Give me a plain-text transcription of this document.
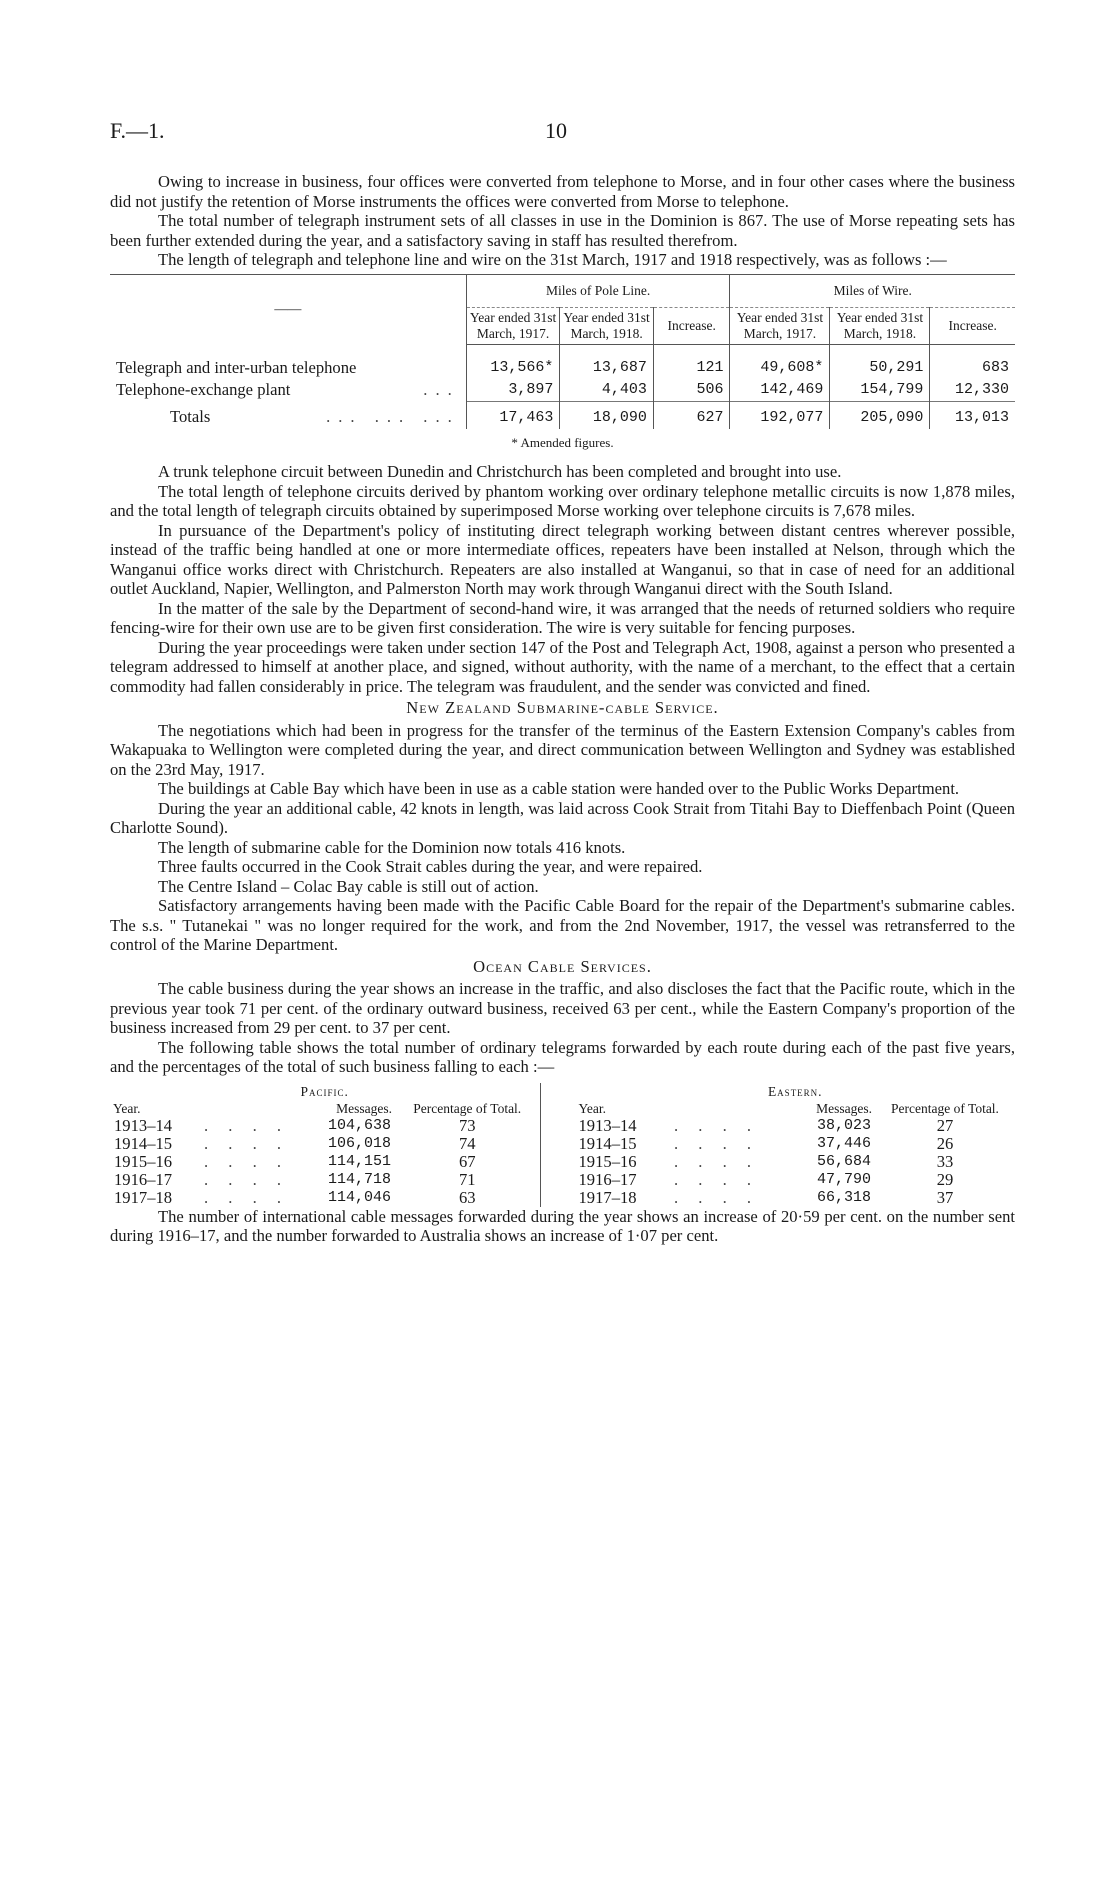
F.—1.	10

Owing to increase in business, four offices were converted from telephone to Morse, and in four other cases where the business did not justify the retention of Morse instruments the offices were converted from Morse to telephone.

The total number of telegraph instrument sets of all classes in use in the Dominion is 867. The use of Morse repeating sets has been further extended during the year, and a satisfactory saving in staff has resulted therefrom.

The length of telegraph and telephone line and wire on the 31st March, 1917 and 1918 respectively, was as follows :—

——	Miles of Pole Line.			Miles of Wire.		
	Year ended 31st March, 1917.	Year ended 31st March, 1918.	Increase.	Year ended 31st March, 1917.	Year ended 31st March, 1918.	Increase.

Telegraph and inter-urban telephone	13,566*	13,687	121	49,608*	50,291	683
Telephone-exchange plant ...	3,897	4,403	506	142,469	154,799	12,330
Totals ... ... ...	17,463	18,090	627	192,077	205,090	13,013
* Amended figures.

A trunk telephone circuit between Dunedin and Christchurch has been completed and brought into use.

The total length of telephone circuits derived by phantom working over ordinary telephone metallic circuits is now 1,878 miles, and the total length of telegraph circuits obtained by superimposed Morse working over telephone circuits is 7,678 miles.

In pursuance of the Department's policy of instituting direct telegraph working between distant centres wherever possible, instead of the traffic being handled at one or more intermediate offices, repeaters have been installed at Nelson, through which the Wanganui office works direct with Christchurch. Repeaters are also installed at Wanganui, so that in case of need for an additional outlet Auckland, Napier, Wellington, and Palmerston North may work through Wanganui direct with the South Island.

In the matter of the sale by the Department of second-hand wire, it was arranged that the needs of returned soldiers who require fencing-wire for their own use are to be given first consideration. The wire is very suitable for fencing purposes.

During the year proceedings were taken under section 147 of the Post and Telegraph Act, 1908, against a person who presented a telegram addressed to himself at another place, and signed, without authority, with the name of a merchant, to the effect that a certain commodity had fallen considerably in price. The telegram was fraudulent, and the sender was convicted and fined.

New Zealand Submarine-cable Service.

The negotiations which had been in progress for the transfer of the terminus of the Eastern Extension Company's cables from Wakapuaka to Wellington were completed during the year, and direct communication between Wellington and Sydney was established on the 23rd May, 1917.

The buildings at Cable Bay which have been in use as a cable station were handed over to the Public Works Department.

During the year an additional cable, 42 knots in length, was laid across Cook Strait from Titahi Bay to Dieffenbach Point (Queen Charlotte Sound).

The length of submarine cable for the Dominion now totals 416 knots.

Three faults occurred in the Cook Strait cables during the year, and were repaired.

The Centre Island – Colac Bay cable is still out of action.

Satisfactory arrangements having been made with the Pacific Cable Board for the repair of the Department's submarine cables. The s.s. " Tutanekai " was no longer required for the work, and from the 2nd November, 1917, the vessel was retransferred to the control of the Marine Department.

Ocean Cable Services.

The cable business during the year shows an increase in the traffic, and also discloses the fact that the Pacific route, which in the previous year took 71 per cent. of the ordinary outward business, received 63 per cent., while the Eastern Company's proportion of the business increased from 29 per cent. to 37 per cent.

The following table shows the total number of ordinary telegrams forwarded by each route during each of the past five years, and the percentages of the total of such business falling to each :—

Pacific.				Eastern.			
Year.		Messages.	Percentage of Total.	Year.		Messages.	Percentage of Total.
1913–14	. . . .	104,638	73	1913–14	. . . .	38,023	27
1914–15	. . . .	106,018	74	1914–15	. . . .	37,446	26
1915–16	. . . .	114,151	67	1915–16	. . . .	56,684	33
1916–17	. . . .	114,718	71	1916–17	. . . .	47,790	29
1917–18	. . . .	114,046	63	1917–18	. . . .	66,318	37

The number of international cable messages forwarded during the year shows an increase of 20·59 per cent. on the number sent during 1916–17, and the number forwarded to Australia shows an increase of 1·07 per cent.
